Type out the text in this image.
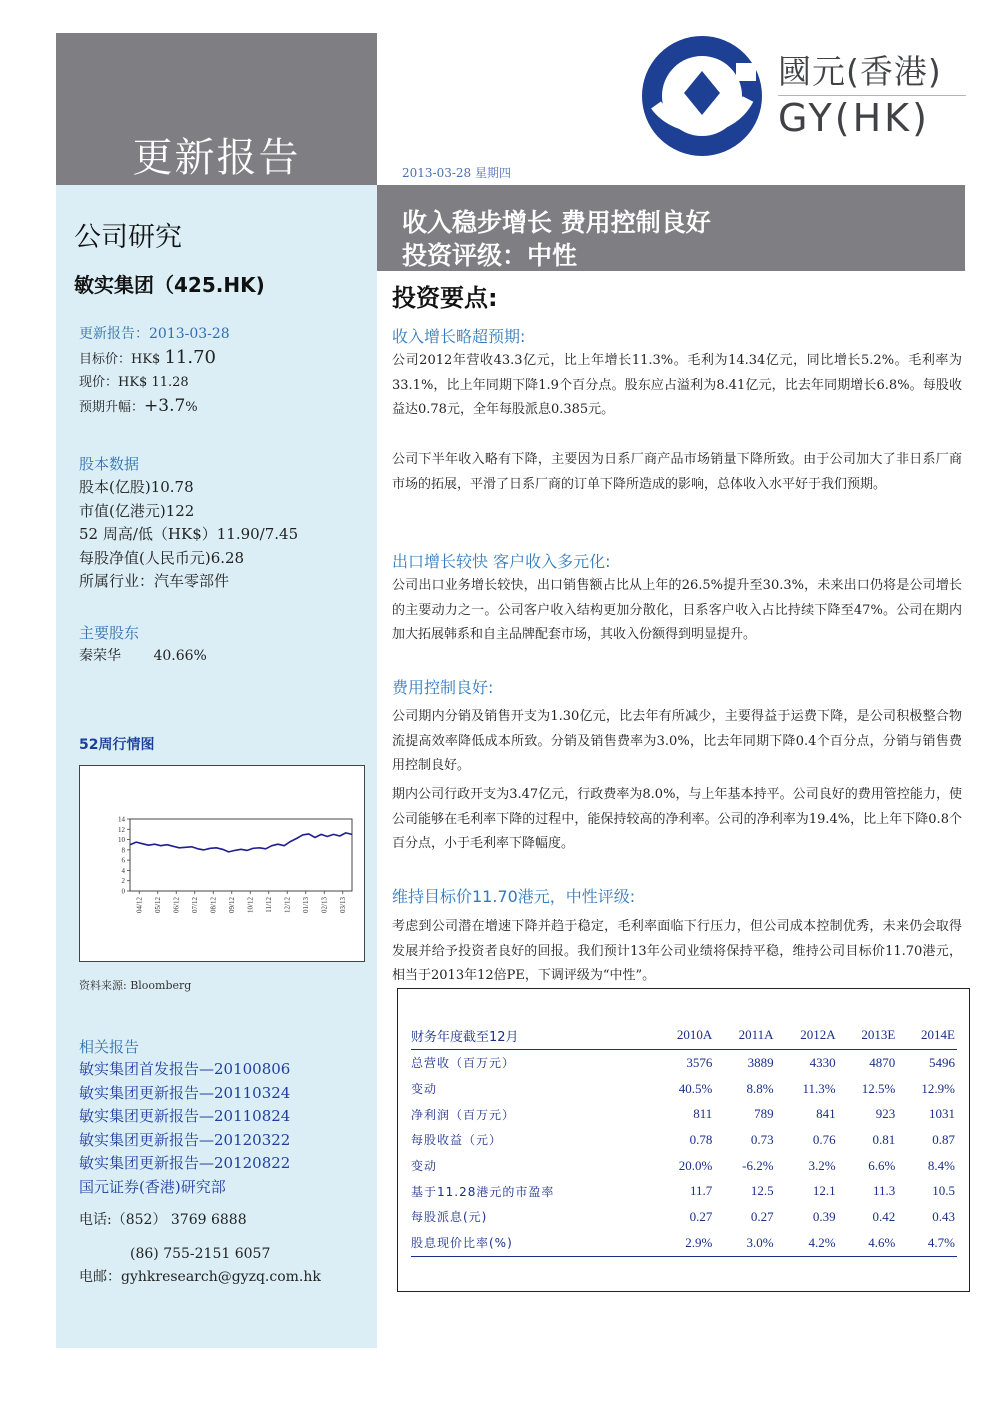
更新报告
公司研究
敏实集团（425.HK)
更新报告：2013-03-28
目标价：HK$ 11.70
现价：HK$ 11.28
预期升幅：+3.7%
股本数据
股本(亿股)10.78
市值(亿港元)122
52 周高/低（HK$）11.90/7.45
每股净值(人民币元)6.28
所属行业：汽车零部件
主要股东
秦荣华 40.66%
52周行情图
资料来源: Bloomberg
相关报告
敏实集团首发报告—20100806
敏实集团更新报告—20110324
敏实集团更新报告—20110824
敏实集团更新报告—20120322
敏实集团更新报告—20120822
国元证券(香港)研究部
电话:（852） 3769 6888
(86) 755-2151 6057
电邮：gyhkresearch@gyzq.com.hk
0
2
4
6
8
10
12
14
04/12 05/12 06/12 07/12 08/12 09/12 10/12 11/12 12/12 01/13 02/13 03/13
國元(香港)
GY(HK)
2013-03-28 星期四
收入稳步增长 费用控制良好
投资评级：中性
投资要点:
收入增长略超预期:
公司2012年营收43.3亿元，比上年增长11.3%。毛利为14.34亿元，同比增长5.2%。毛利率为33.1%，比上年同期下降1.9个百分点。股东应占溢利为8.41亿元，比去年同期增长6.8%。每股收益达0.78元，全年每股派息0.385元。
公司下半年收入略有下降，主要因为日系厂商产品市场销量下降所致。由于公司加大了非日系厂商市场的拓展，平滑了日系厂商的订单下降所造成的影响，总体收入水平好于我们预期。
出口增长较快 客户收入多元化:
公司出口业务增长较快，出口销售额占比从上年的26.5%提升至30.3%，未来出口仍将是公司增长的主要动力之一。公司客户收入结构更加分散化，日系客户收入占比持续下降至47%。公司在期内加大拓展韩系和自主品牌配套市场，其收入份额得到明显提升。
费用控制良好:
公司期内分销及销售开支为1.30亿元，比去年有所减少，主要得益于运费下降，是公司积极整合物流提高效率降低成本所致。分销及销售费率为3.0%，比去年同期下降0.4个百分点，分销与销售费用控制良好。
期内公司行政开支为3.47亿元，行政费率为8.0%，与上年基本持平。公司良好的费用管控能力，使公司能够在毛利率下降的过程中，能保持较高的净利率。公司的净利率为19.4%，比上年下降0.8个百分点，小于毛利率下降幅度。
维持目标价11.70港元，中性评级:
考虑到公司潜在增速下降并趋于稳定，毛利率面临下行压力，但公司成本控制优秀，未来仍会取得发展并给予投资者良好的回报。我们预计13年公司业绩将保持平稳，维持公司目标价11.70港元，相当于2013年12倍PE，下调评级为“中性”。
财务年度截至12月	2010A	2011A	2012A	2013E	2014E
总营收（百万元）	3576	3889	4330	4870	5496
变动	40.5%	8.8%	11.3%	12.5%	12.9%
净利润（百万元）	811	789	841	923	1031
每股收益（元）	0.78	0.73	0.76	0.81	0.87
变动	20.0%	-6.2%	3.2%	6.6%	8.4%
基于11.28港元的市盈率	11.7	12.5	12.1	11.3	10.5
每股派息(元)	0.27	0.27	0.39	0.42	0.43
股息现价比率(%)	2.9%	3.0%	4.2%	4.6%	4.7%
